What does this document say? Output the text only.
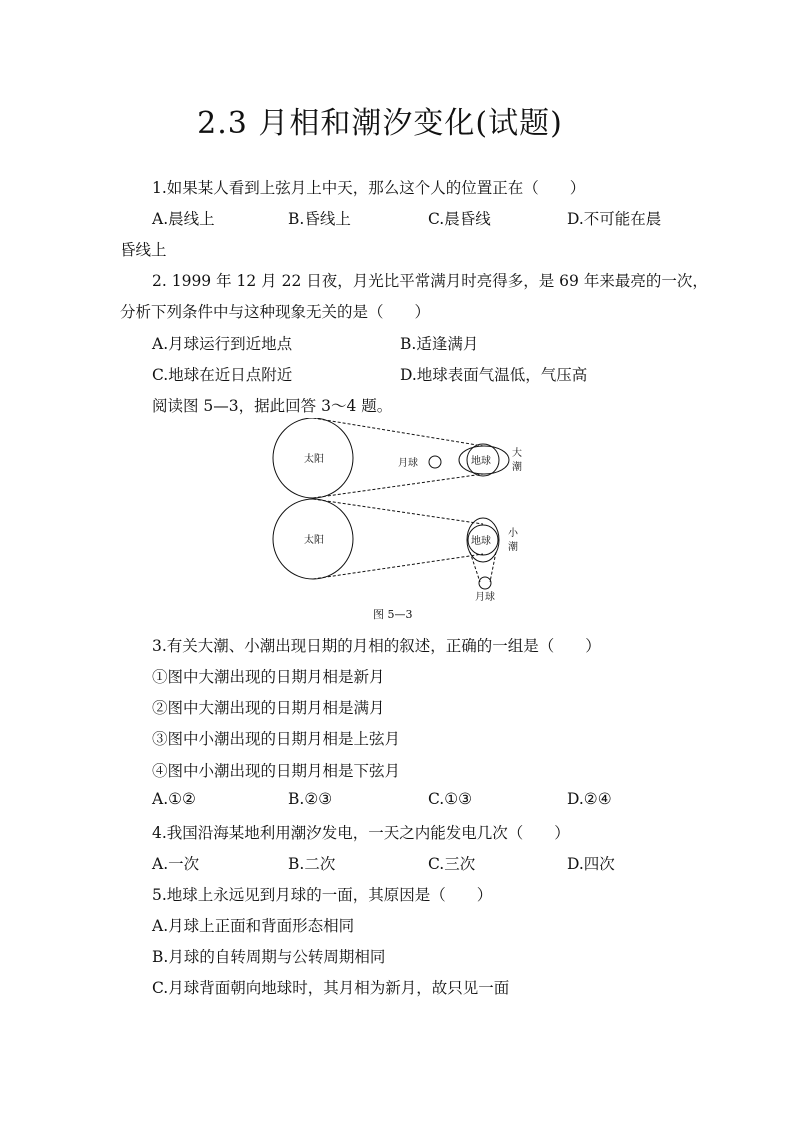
2.3 月相和潮汐变化(试题)
1.如果某人看到上弦月上中天，那么这个人的位置正在（　　）
A.晨线上	B.昏线上	C.晨昏线	D.不可能在晨
昏线上
2. 1999 年 12 月 22 日夜，月光比平常满月时亮得多，是 69 年来最亮的一次，
分析下列条件中与这种现象无关的是（　　）
A.月球运行到近地点	B.适逢满月
C.地球在近日点附近	D.地球表面气温低，气压高
阅读图 5—3，据此回答 3～4 题。
太阳	月球	地球
大
潮
太阳	地球
小
潮
月球
图 5—3
3.有关大潮、小潮出现日期的月相的叙述，正确的一组是（　　）
①图中大潮出现的日期月相是新月
②图中大潮出现的日期月相是满月
③图中小潮出现的日期月相是上弦月
④图中小潮出现的日期月相是下弦月
A.①②	B.②③	C.①③	D.②④
4.我国沿海某地利用潮汐发电，一天之内能发电几次（　　）
A.一次	B.二次	C.三次	D.四次
5.地球上永远见到月球的一面，其原因是（　　）
A.月球上正面和背面形态相同
B.月球的自转周期与公转周期相同
C.月球背面朝向地球时，其月相为新月，故只见一面
